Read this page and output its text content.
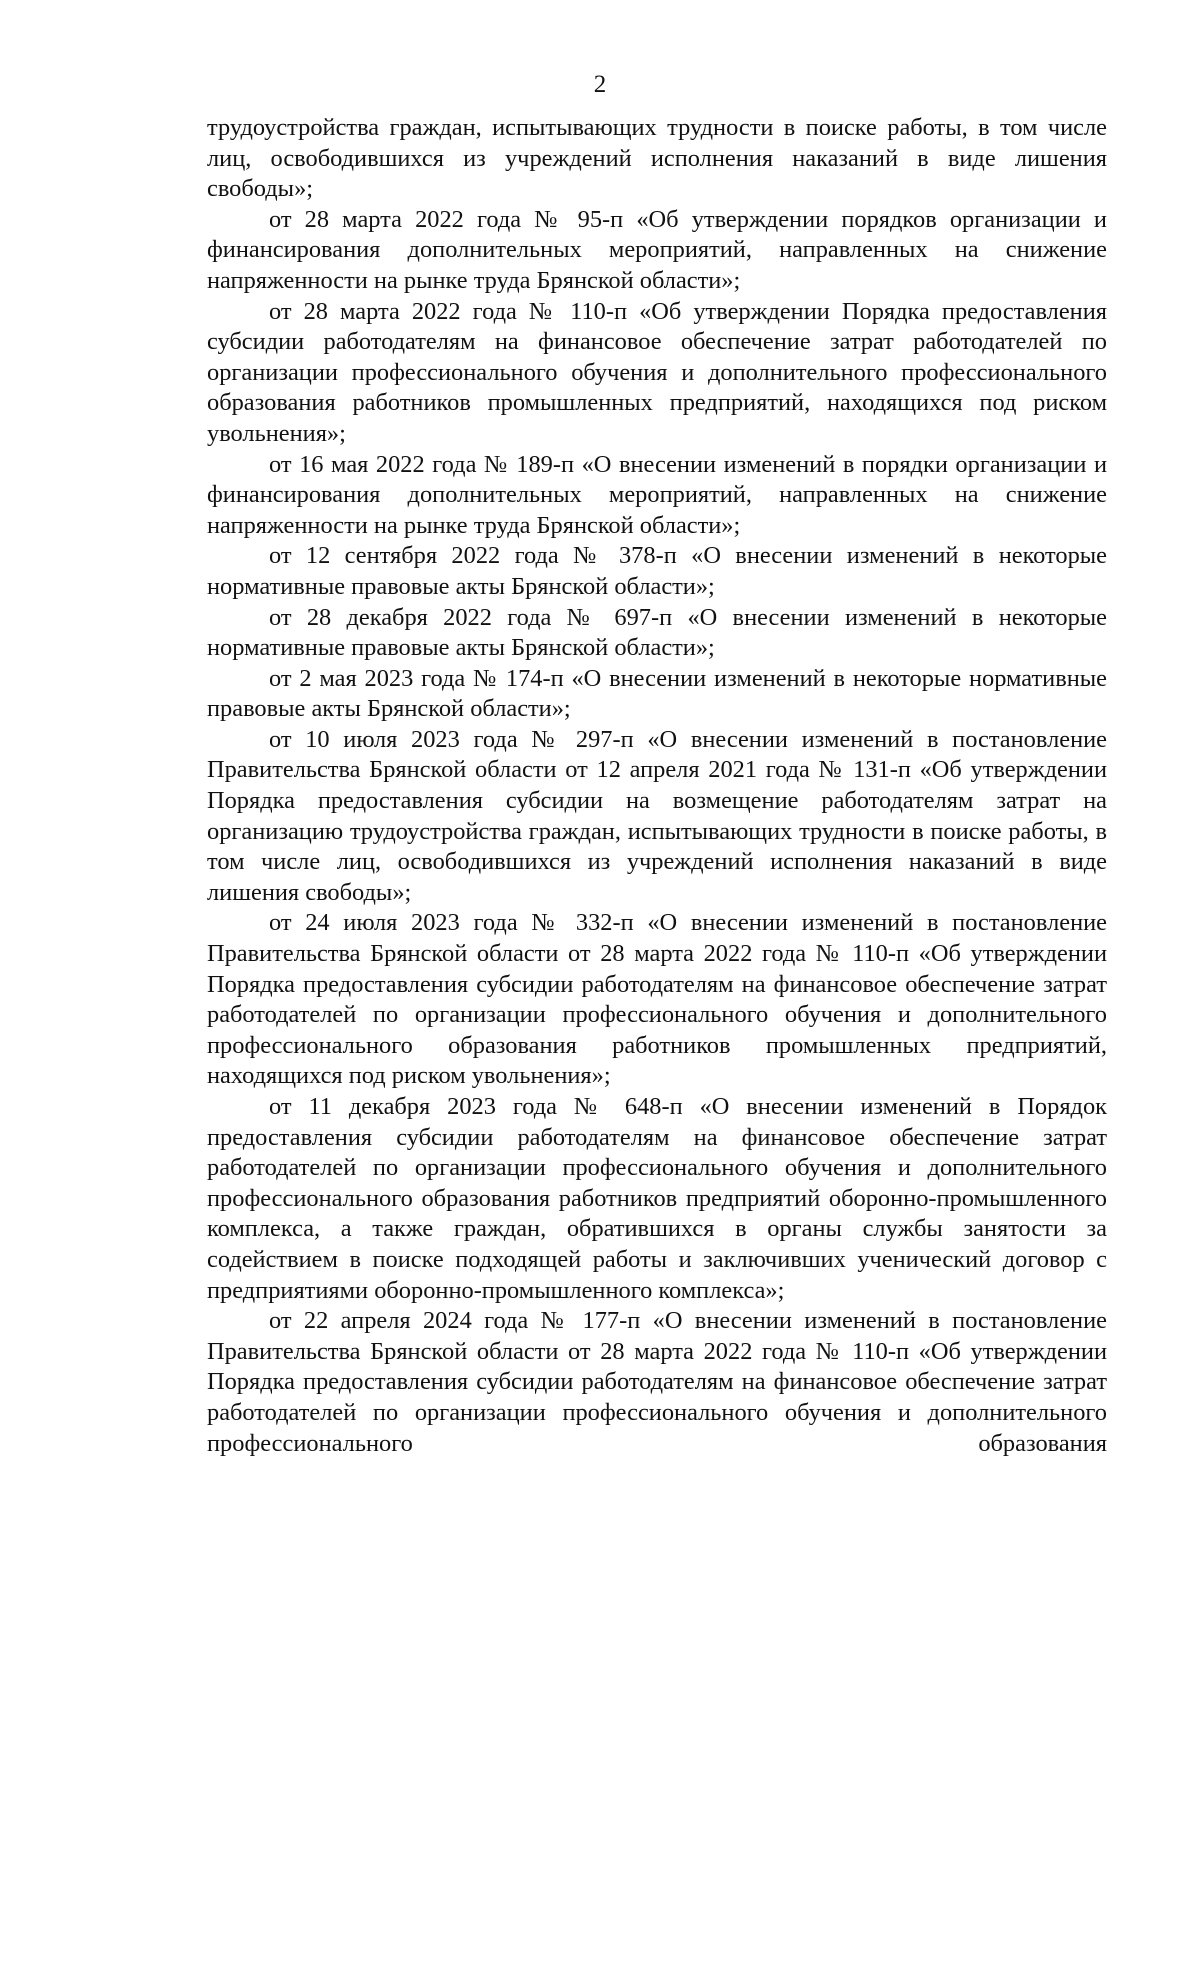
2

трудоустройства граждан, испытывающих трудности в поиске работы, в том числе лиц, освободившихся из учреждений исполнения наказаний в виде лишения свободы»;

от 28 марта 2022 года № 95-п «Об утверждении порядков организации и финансирования дополнительных мероприятий, направленных на снижение напряженности на рынке труда Брянской области»;

от 28 марта 2022 года № 110-п «Об утверждении Порядка предоставления субсидии работодателям на финансовое обеспечение затрат работодателей по организации профессионального обучения и дополнительного профессионального образования работников промышленных предприятий, находящихся под риском увольнения»;

от 16 мая 2022 года № 189-п «О внесении изменений в порядки организации и финансирования дополнительных мероприятий, направленных на снижение напряженности на рынке труда Брянской области»;

от 12 сентября 2022 года № 378-п «О внесении изменений в некоторые нормативные правовые акты Брянской области»;

от 28 декабря 2022 года № 697-п «О внесении изменений в некоторые нормативные правовые акты Брянской области»;

от 2 мая 2023 года № 174-п «О внесении изменений в некоторые нормативные правовые акты Брянской области»;

от 10 июля 2023 года № 297-п «О внесении изменений в постановление Правительства Брянской области от 12 апреля 2021 года № 131-п «Об утверждении Порядка предоставления субсидии на возмещение работодателям затрат на организацию трудоустройства граждан, испытывающих трудности в поиске работы, в том числе лиц, освободившихся из учреждений исполнения наказаний в виде лишения свободы»;

от 24 июля 2023 года № 332-п «О внесении изменений в постановление Правительства Брянской области от 28 марта 2022 года № 110-п «Об утверждении Порядка предоставления субсидии работодателям на финансовое обеспечение затрат работодателей по организации профессионального обучения и дополнительного профессионального образования работников промышленных предприятий, находящихся под риском увольнения»;

от 11 декабря 2023 года № 648-п «О внесении изменений в Порядок предоставления субсидии работодателям на финансовое обеспечение затрат работодателей по организации профессионального обучения и дополнительного профессионального образования работников предприятий оборонно-промышленного комплекса, а также граждан, обратившихся в органы службы занятости за содействием в поиске подходящей работы и заключивших ученический договор с предприятиями оборонно-промышленного комплекса»;

от 22 апреля 2024 года № 177-п «О внесении изменений в постановление Правительства Брянской области от 28 марта 2022 года № 110-п «Об утверждении Порядка предоставления субсидии работодателям на финансовое обеспечение затрат работодателей по организации профессионального обучения и дополнительного профессионального образования
